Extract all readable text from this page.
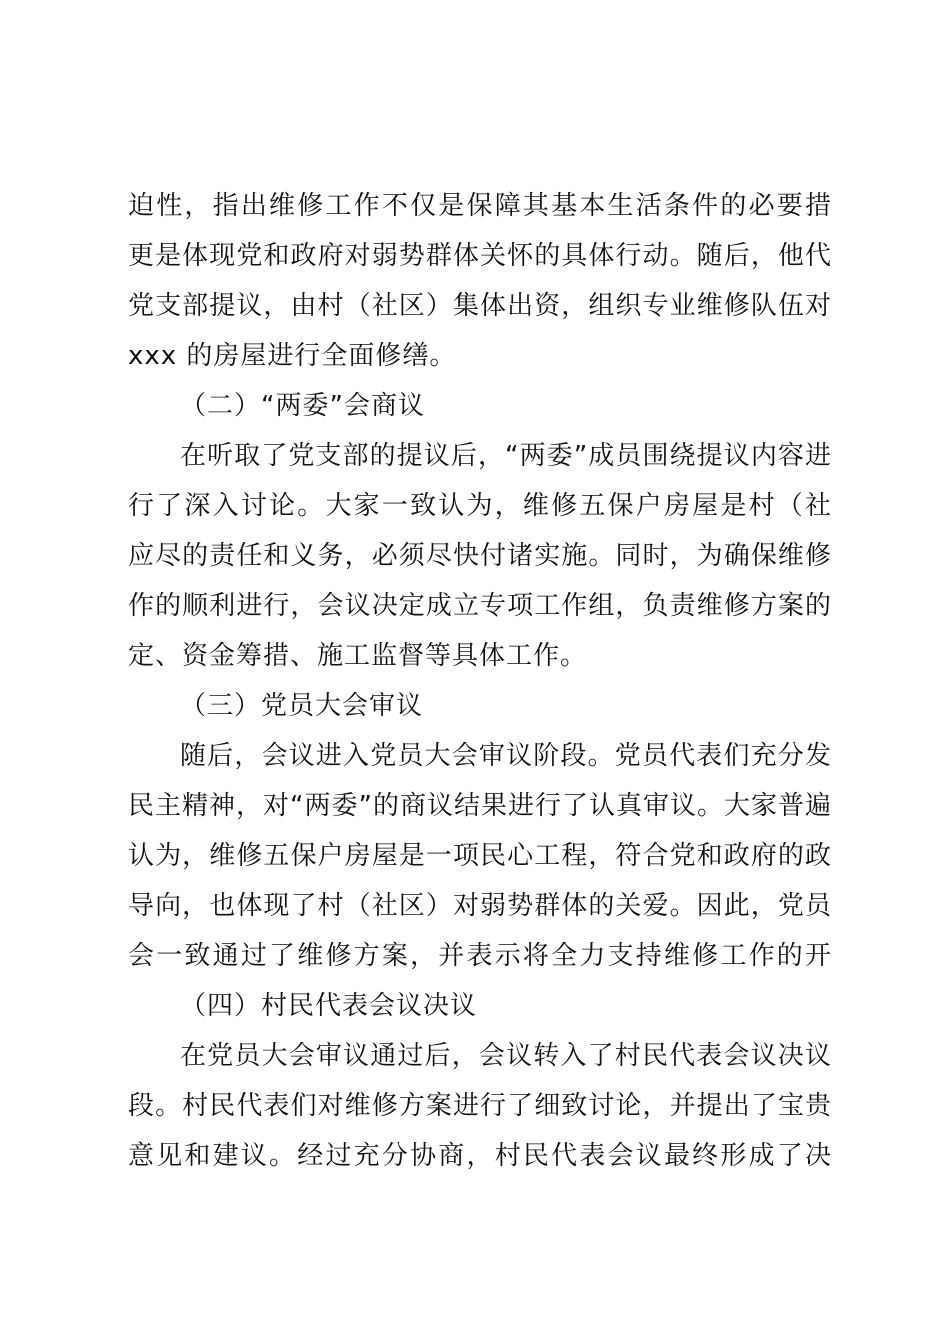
迫性，指出维修工作不仅是保障其基本生活条件的必要措
更是体现党和政府对弱势群体关怀的具体行动。随后，他代
党支部提议，由村（社区）集体出资，组织专业维修队伍对
xxx 的房屋进行全面修缮。
（二）“两委”会商议
在听取了党支部的提议后，“两委”成员围绕提议内容进
行了深入讨论。大家一致认为，维修五保户房屋是村（社
应尽的责任和义务，必须尽快付诸实施。同时，为确保维修
作的顺利进行，会议决定成立专项工作组，负责维修方案的
定、资金筹措、施工监督等具体工作。
（三）党员大会审议
随后，会议进入党员大会审议阶段。党员代表们充分发
民主精神，对“两委”的商议结果进行了认真审议。大家普遍
认为，维修五保户房屋是一项民心工程，符合党和政府的政
导向，也体现了村（社区）对弱势群体的关爱。因此，党员
会一致通过了维修方案，并表示将全力支持维修工作的开
（四）村民代表会议决议
在党员大会审议通过后，会议转入了村民代表会议决议
段。村民代表们对维修方案进行了细致讨论，并提出了宝贵
意见和建议。经过充分协商，村民代表会议最终形成了决
